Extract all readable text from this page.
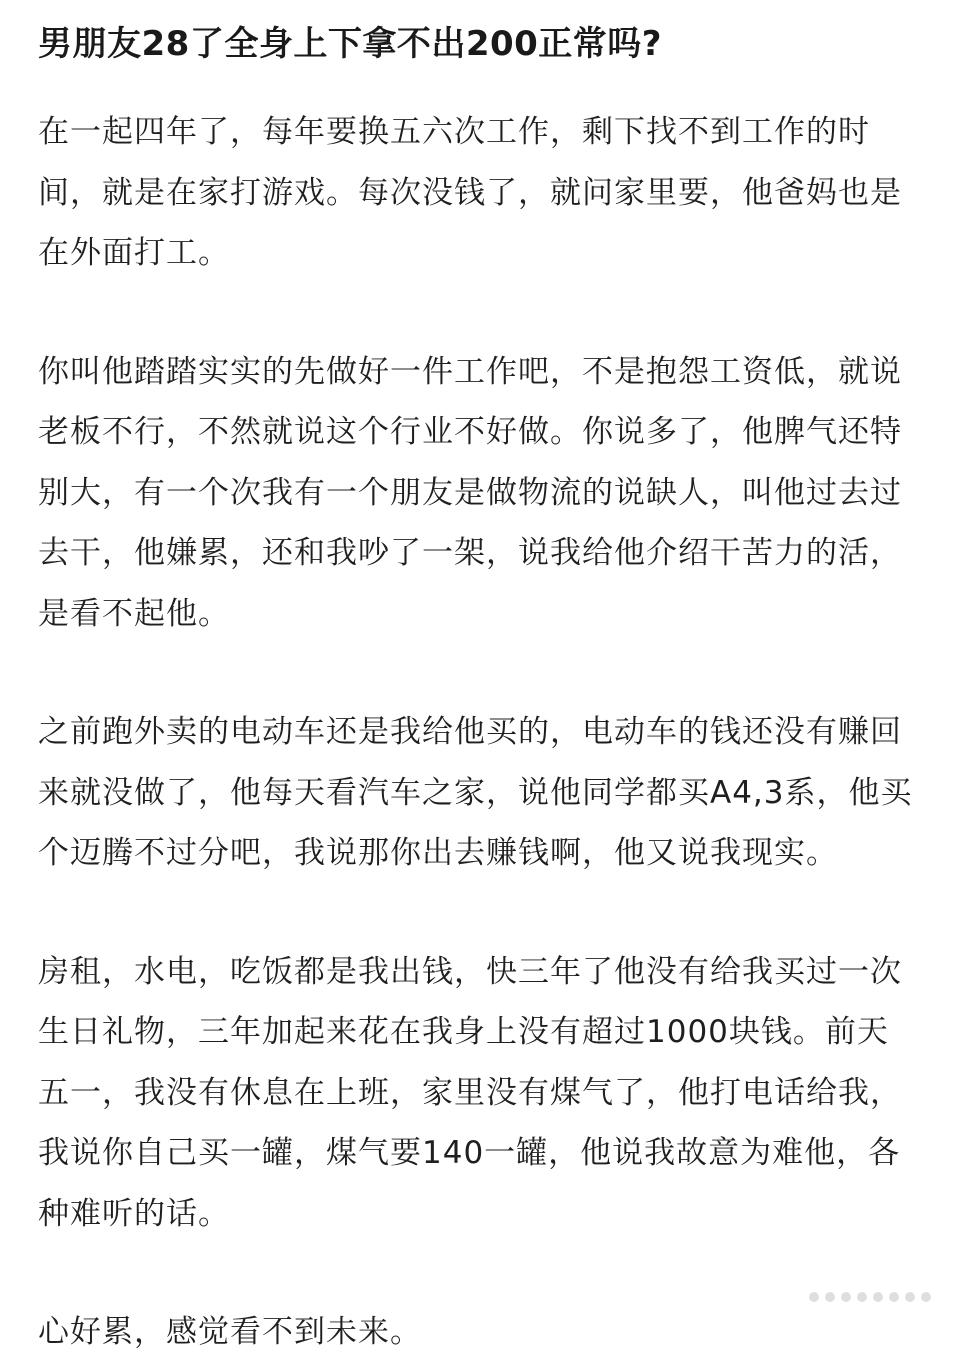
男朋友28了全身上下拿不出200正常吗?

在一起四年了，每年要换五六次工作，剩下找不到工作的时间，就是在家打游戏。每次没钱了，就问家里要，他爸妈也是在外面打工。

你叫他踏踏实实的先做好一件工作吧，不是抱怨工资低，就说老板不行，不然就说这个行业不好做。你说多了，他脾气还特别大，有一个次我有一个朋友是做物流的说缺人，叫他过去过去干，他嫌累，还和我吵了一架，说我给他介绍干苦力的活，是看不起他。

之前跑外卖的电动车还是我给他买的，电动车的钱还没有赚回来就没做了，他每天看汽车之家，说他同学都买A4,3系，他买个迈腾不过分吧，我说那你出去赚钱啊，他又说我现实。

房租，水电，吃饭都是我出钱，快三年了他没有给我买过一次生日礼物，三年加起来花在我身上没有超过1000块钱。前天五一，我没有休息在上班，家里没有煤气了，他打电话给我，我说你自己买一罐，煤气要140一罐，他说我故意为难他，各种难听的话。

心好累，感觉看不到未来。
